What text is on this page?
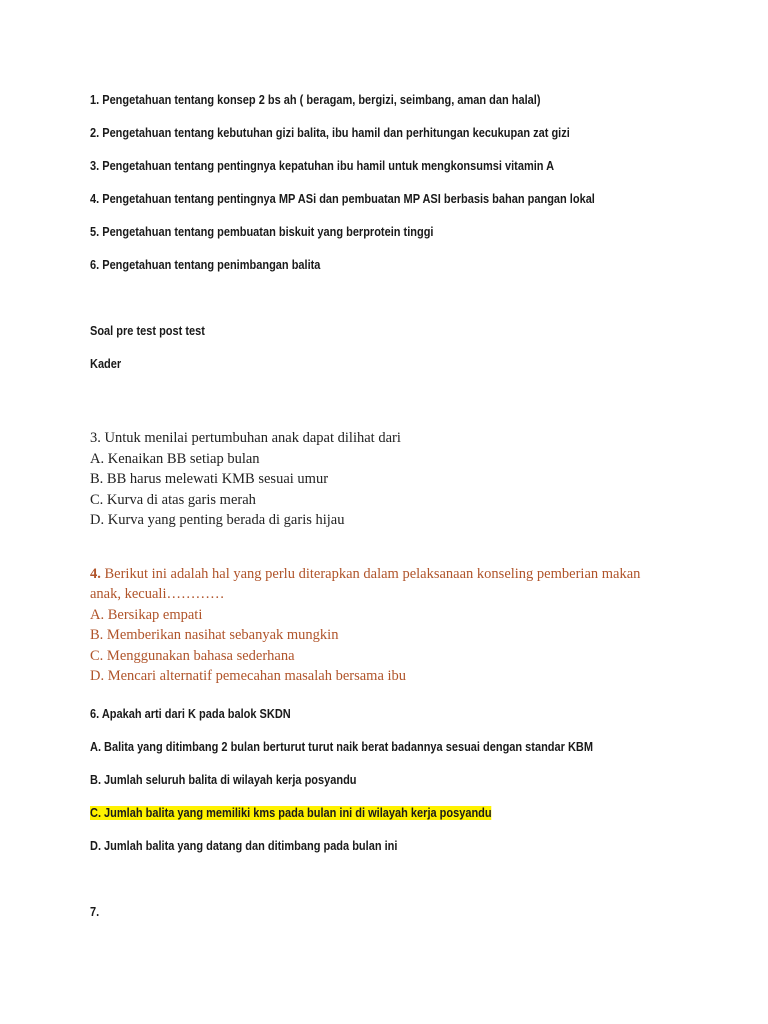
1. Pengetahuan tentang konsep 2 bs ah ( beragam, bergizi, seimbang, aman dan halal)
2. Pengetahuan tentang kebutuhan gizi balita, ibu hamil dan perhitungan kecukupan zat gizi
3. Pengetahuan tentang pentingnya kepatuhan ibu hamil untuk mengkonsumsi vitamin A
4. Pengetahuan tentang pentingnya MP ASi dan pembuatan MP ASI berbasis bahan pangan lokal
5. Pengetahuan tentang pembuatan biskuit yang berprotein tinggi
6. Pengetahuan tentang penimbangan balita
Soal pre test post test
Kader
3. Untuk menilai pertumbuhan anak dapat dilihat dari
A. Kenaikan BB setiap bulan
B. BB harus melewati KMB sesuai umur
C. Kurva di atas garis merah
D. Kurva yang penting berada di garis hijau
4. Berikut ini adalah hal yang perlu diterapkan dalam pelaksanaan konseling pemberian makan
anak, kecuali…………
A. Bersikap empati
B. Memberikan nasihat sebanyak mungkin
C. Menggunakan bahasa sederhana
D. Mencari alternatif pemecahan masalah bersama ibu
6. Apakah arti dari K pada balok SKDN
A. Balita yang ditimbang 2 bulan berturut turut naik berat badannya sesuai dengan standar KBM
B. Jumlah seluruh balita di wilayah kerja posyandu
C. Jumlah balita yang memiliki kms pada bulan ini di wilayah kerja posyandu
D. Jumlah balita yang datang dan ditimbang pada bulan ini
7.
